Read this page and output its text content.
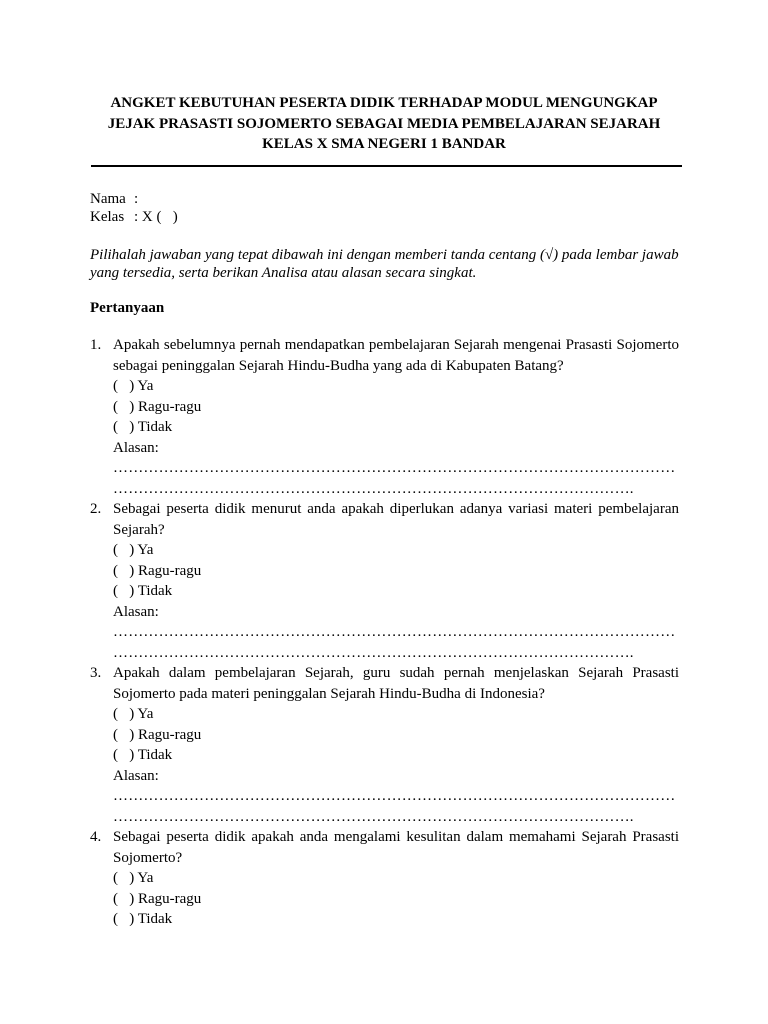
ANGKET KEBUTUHAN PESERTA DIDIK TERHADAP MODUL MENGUNGKAP
JEJAK PRASASTI SOJOMERTO SEBAGAI MEDIA PEMBELAJARAN SEJARAH
KELAS X SMA NEGERI 1 BANDAR
Nama :
Kelas : X (   )
Pilihalah jawaban yang tepat dibawah ini dengan memberi tanda centang (√) pada lembar jawab yang tersedia, serta berikan Analisa atau alasan secara singkat.
Pertanyaan
1. Apakah sebelumnya pernah mendapatkan pembelajaran Sejarah mengenai Prasasti Sojomerto sebagai peninggalan Sejarah Hindu-Budha yang ada di Kabupaten Batang?
(   ) Ya
(   ) Ragu-ragu
(   ) Tidak
Alasan:
…………………………………………………………………………………………………
………………………………………………………………………………………….
2. Sebagai peserta didik menurut anda apakah diperlukan adanya variasi materi pembelajaran Sejarah?
(   ) Ya
(   ) Ragu-ragu
(   ) Tidak
Alasan:
…………………………………………………………………………………………………
………………………………………………………………………………………….
3. Apakah dalam pembelajaran Sejarah, guru sudah pernah menjelaskan Sejarah Prasasti Sojomerto pada materi peninggalan Sejarah Hindu-Budha di Indonesia?
(   ) Ya
(   ) Ragu-ragu
(   ) Tidak
Alasan:
…………………………………………………………………………………………………
………………………………………………………………………………………….
4. Sebagai peserta didik apakah anda mengalami kesulitan dalam memahami Sejarah Prasasti Sojomerto?
(   ) Ya
(   ) Ragu-ragu
(   ) Tidak
